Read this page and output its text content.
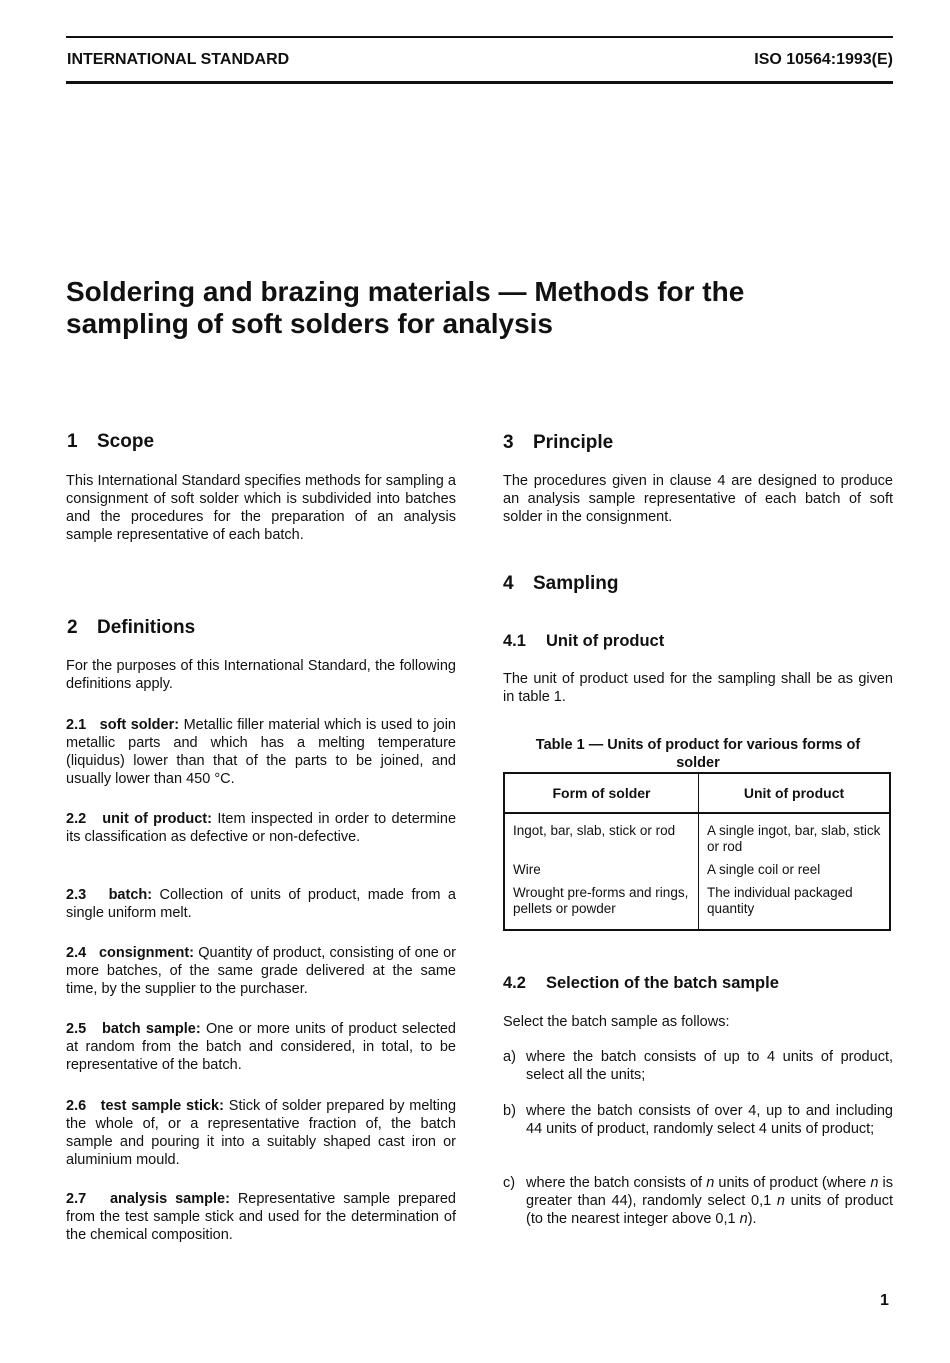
INTERNATIONAL STANDARD	ISO 10564:1993(E)
Soldering and brazing materials — Methods for the
sampling of soft solders for analysis
1 Scope

This International Standard specifies methods for sampling a consignment of soft solder which is subdivided into batches and the procedures for the preparation of an analysis sample representative of each batch.

2 Definitions

For the purposes of this International Standard, the following definitions apply.

2.1 soft solder: Metallic filler material which is used to join metallic parts and which has a melting temperature (liquidus) lower than that of the parts to be joined, and usually lower than 450 °C.
2.2 unit of product: Item inspected in order to determine its classification as defective or non-defective.
2.3 batch: Collection of units of product, made from a single uniform melt.
2.4 consignment: Quantity of product, consisting of one or more batches, of the same grade delivered at the same time, by the supplier to the purchaser.
2.5 batch sample: One or more units of product selected at random from the batch and considered, in total, to be representative of the batch.
2.6 test sample stick: Stick of solder prepared by melting the whole of, or a representative fraction of, the batch sample and pouring it into a suitably shaped cast iron or aluminium mould.
2.7 analysis sample: Representative sample prepared from the test sample stick and used for the determination of the chemical composition.
3 Principle

The procedures given in clause 4 are designed to produce an analysis sample representative of each batch of soft solder in the consignment.

4 Sampling
4.1 Unit of product

The unit of product used for the sampling shall be as given in table 1.

Table 1 — Units of product for various forms of
solder
Form of solder	Unit of product
Ingot, bar, slab, stick or rod	A single ingot, bar, slab, stick or rod
Wire	A single coil or reel
Wrought pre-forms and rings, pellets or powder	The individual packaged quantity
4.2 Selection of the batch sample

Select the batch sample as follows:

a) where the batch consists of up to 4 units of product, select all the units;
b) where the batch consists of over 4, up to and including 44 units of product, randomly select 4 units of product;
c) where the batch consists of n units of product (where n is greater than 44), randomly select 0,1 n units of product (to the nearest integer above 0,1 n).
1
